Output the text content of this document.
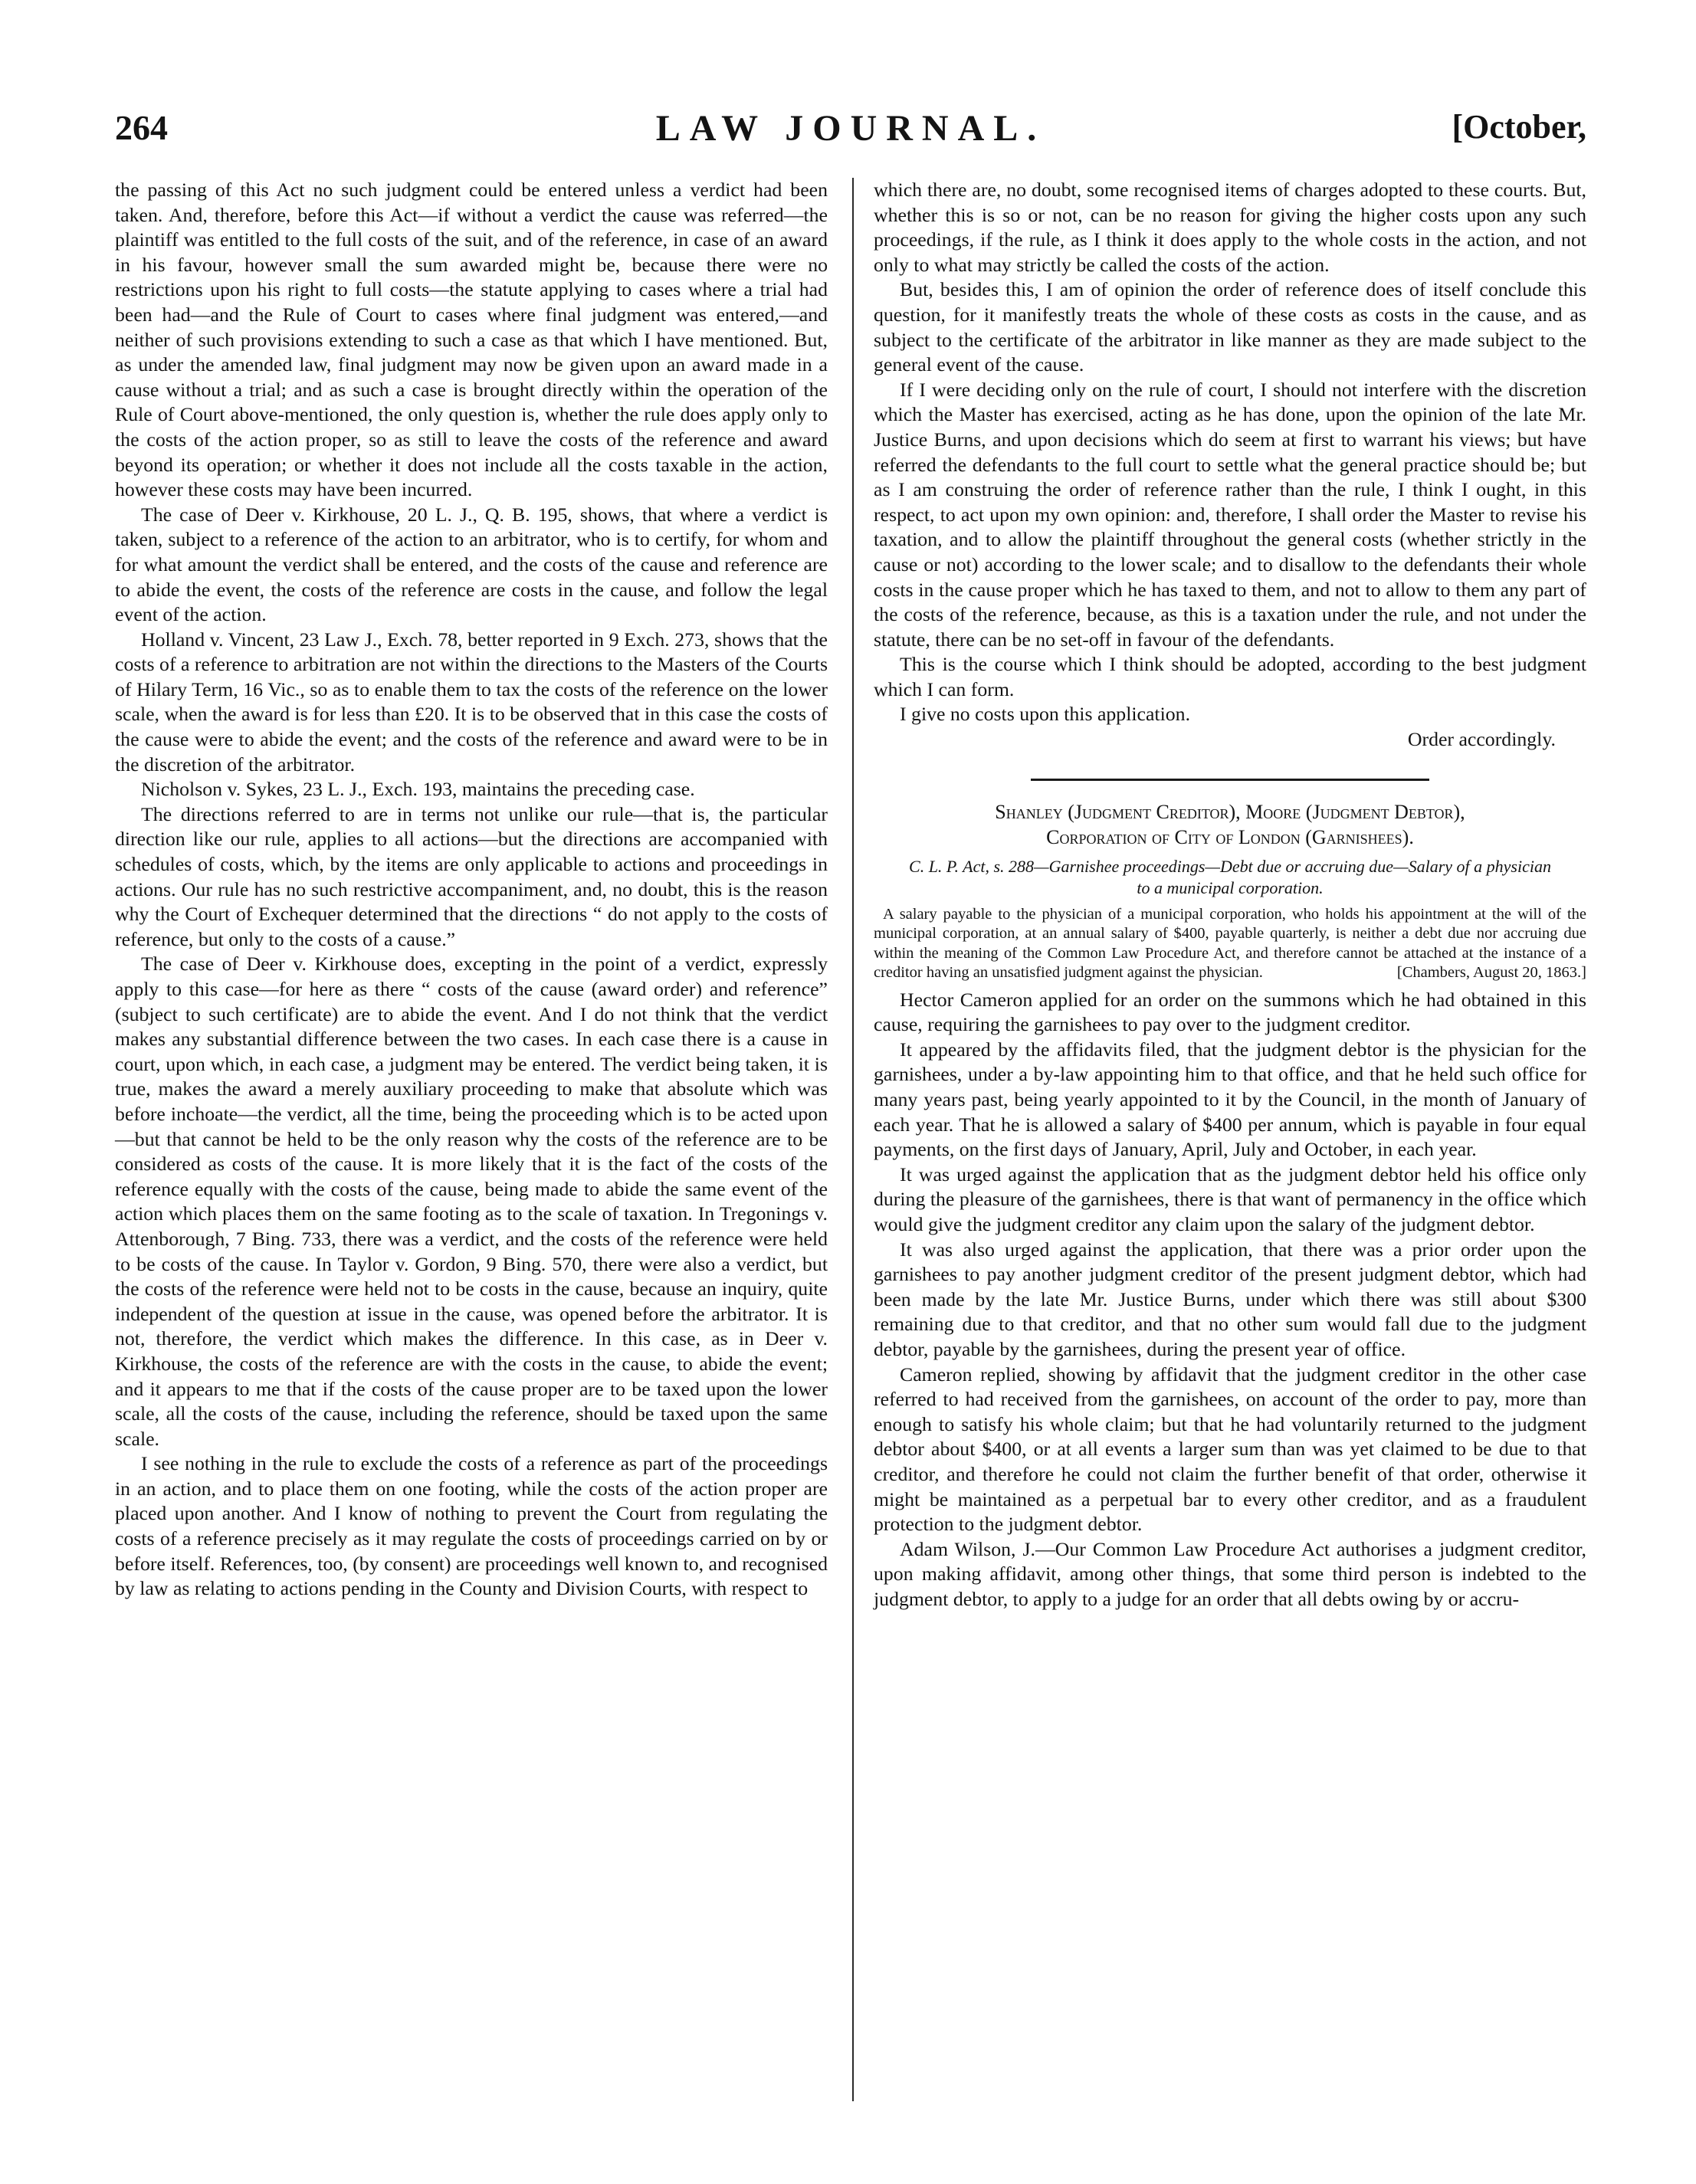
264	LAW JOURNAL.	[October,

the passing of this Act no such judgment could be entered unless a verdict had been taken. And, therefore, before this Act—if without a verdict the cause was referred—the plaintiff was entitled to the full costs of the suit, and of the reference, in case of an award in his favour, however small the sum awarded might be, because there were no restrictions upon his right to full costs—the statute applying to cases where a trial had been had—and the Rule of Court to cases where final judgment was entered,—and neither of such provisions extending to such a case as that which I have mentioned. But, as under the amended law, final judgment may now be given upon an award made in a cause without a trial; and as such a case is brought directly within the operation of the Rule of Court above-mentioned, the only question is, whether the rule does apply only to the costs of the action proper, so as still to leave the costs of the reference and award beyond its operation; or whether it does not include all the costs taxable in the action, however these costs may have been incurred.

The case of Deer v. Kirkhouse, 20 L. J., Q. B. 195, shows, that where a verdict is taken, subject to a reference of the action to an arbitrator, who is to certify, for whom and for what amount the verdict shall be entered, and the costs of the cause and reference are to abide the event, the costs of the reference are costs in the cause, and follow the legal event of the action.

Holland v. Vincent, 23 Law J., Exch. 78, better reported in 9 Exch. 273, shows that the costs of a reference to arbitration are not within the directions to the Masters of the Courts of Hilary Term, 16 Vic., so as to enable them to tax the costs of the reference on the lower scale, when the award is for less than £20. It is to be observed that in this case the costs of the cause were to abide the event; and the costs of the reference and award were to be in the discretion of the arbitrator.

Nicholson v. Sykes, 23 L. J., Exch. 193, maintains the preceding case.

The directions referred to are in terms not unlike our rule—that is, the particular direction like our rule, applies to all actions—but the directions are accompanied with schedules of costs, which, by the items are only applicable to actions and proceedings in actions. Our rule has no such restrictive accompaniment, and, no doubt, this is the reason why the Court of Exchequer determined that the directions “ do not apply to the costs of reference, but only to the costs of a cause.”

The case of Deer v. Kirkhouse does, excepting in the point of a verdict, expressly apply to this case—for here as there “ costs of the cause (award order) and reference” (subject to such certificate) are to abide the event. And I do not think that the verdict makes any substantial difference between the two cases. In each case there is a cause in court, upon which, in each case, a judgment may be entered. The verdict being taken, it is true, makes the award a merely auxiliary proceeding to make that absolute which was before inchoate—the verdict, all the time, being the proceeding which is to be acted upon—but that cannot be held to be the only reason why the costs of the reference are to be considered as costs of the cause. It is more likely that it is the fact of the costs of the reference equally with the costs of the cause, being made to abide the same event of the action which places them on the same footing as to the scale of taxation. In Tregonings v. Attenborough, 7 Bing. 733, there was a verdict, and the costs of the reference were held to be costs of the cause. In Taylor v. Gordon, 9 Bing. 570, there were also a verdict, but the costs of the reference were held not to be costs in the cause, because an inquiry, quite independent of the question at issue in the cause, was opened before the arbitrator. It is not, therefore, the verdict which makes the difference. In this case, as in Deer v. Kirkhouse, the costs of the reference are with the costs in the cause, to abide the event; and it appears to me that if the costs of the cause proper are to be taxed upon the lower scale, all the costs of the cause, including the reference, should be taxed upon the same scale.

I see nothing in the rule to exclude the costs of a reference as part of the proceedings in an action, and to place them on one footing, while the costs of the action proper are placed upon another. And I know of nothing to prevent the Court from regulating the costs of a reference precisely as it may regulate the costs of proceedings carried on by or before itself. References, too, (by consent) are proceedings well known to, and recognised by law as relating to actions pending in the County and Division Courts, with respect to

which there are, no doubt, some recognised items of charges adopted to these courts. But, whether this is so or not, can be no reason for giving the higher costs upon any such proceedings, if the rule, as I think it does apply to the whole costs in the action, and not only to what may strictly be called the costs of the action.

But, besides this, I am of opinion the order of reference does of itself conclude this question, for it manifestly treats the whole of these costs as costs in the cause, and as subject to the certificate of the arbitrator in like manner as they are made subject to the general event of the cause.

If I were deciding only on the rule of court, I should not interfere with the discretion which the Master has exercised, acting as he has done, upon the opinion of the late Mr. Justice Burns, and upon decisions which do seem at first to warrant his views; but have referred the defendants to the full court to settle what the general practice should be; but as I am construing the order of reference rather than the rule, I think I ought, in this respect, to act upon my own opinion: and, therefore, I shall order the Master to revise his taxation, and to allow the plaintiff throughout the general costs (whether strictly in the cause or not) according to the lower scale; and to disallow to the defendants their whole costs in the cause proper which he has taxed to them, and not to allow to them any part of the costs of the reference, because, as this is a taxation under the rule, and not under the statute, there can be no set-off in favour of the defendants.

This is the course which I think should be adopted, according to the best judgment which I can form.

I give no costs upon this application.

Order accordingly.

Shanley (Judgment Creditor), Moore (Judgment Debtor),

Corporation of City of London (Garnishees).

C. L. P. Act, s. 288—Garnishee proceedings—Debt due or accruing due—Salary of a physician to a municipal corporation.
A salary payable to the physician of a municipal corporation, who holds his appointment at the will of the municipal corporation, at an annual salary of $400, payable quarterly, is neither a debt due nor accruing due within the meaning of the Common Law Procedure Act, and therefore cannot be attached at the instance of a creditor having an unsatisfied judgment against the physician.	[Chambers, August 20, 1863.]

Hector Cameron applied for an order on the summons which he had obtained in this cause, requiring the garnishees to pay over to the judgment creditor.

It appeared by the affidavits filed, that the judgment debtor is the physician for the garnishees, under a by-law appointing him to that office, and that he held such office for many years past, being yearly appointed to it by the Council, in the month of January of each year. That he is allowed a salary of $400 per annum, which is payable in four equal payments, on the first days of January, April, July and October, in each year.

It was urged against the application that as the judgment debtor held his office only during the pleasure of the garnishees, there is that want of permanency in the office which would give the judgment creditor any claim upon the salary of the judgment debtor.

It was also urged against the application, that there was a prior order upon the garnishees to pay another judgment creditor of the present judgment debtor, which had been made by the late Mr. Justice Burns, under which there was still about $300 remaining due to that creditor, and that no other sum would fall due to the judgment debtor, payable by the garnishees, during the present year of office.

Cameron replied, showing by affidavit that the judgment creditor in the other case referred to had received from the garnishees, on account of the order to pay, more than enough to satisfy his whole claim; but that he had voluntarily returned to the judgment debtor about $400, or at all events a larger sum than was yet claimed to be due to that creditor, and therefore he could not claim the further benefit of that order, otherwise it might be maintained as a perpetual bar to every other creditor, and as a fraudulent protection to the judgment debtor.

Adam Wilson, J.—Our Common Law Procedure Act authorises a judgment creditor, upon making affidavit, among other things, that some third person is indebted to the judgment debtor, to apply to a judge for an order that all debts owing by or accru-
